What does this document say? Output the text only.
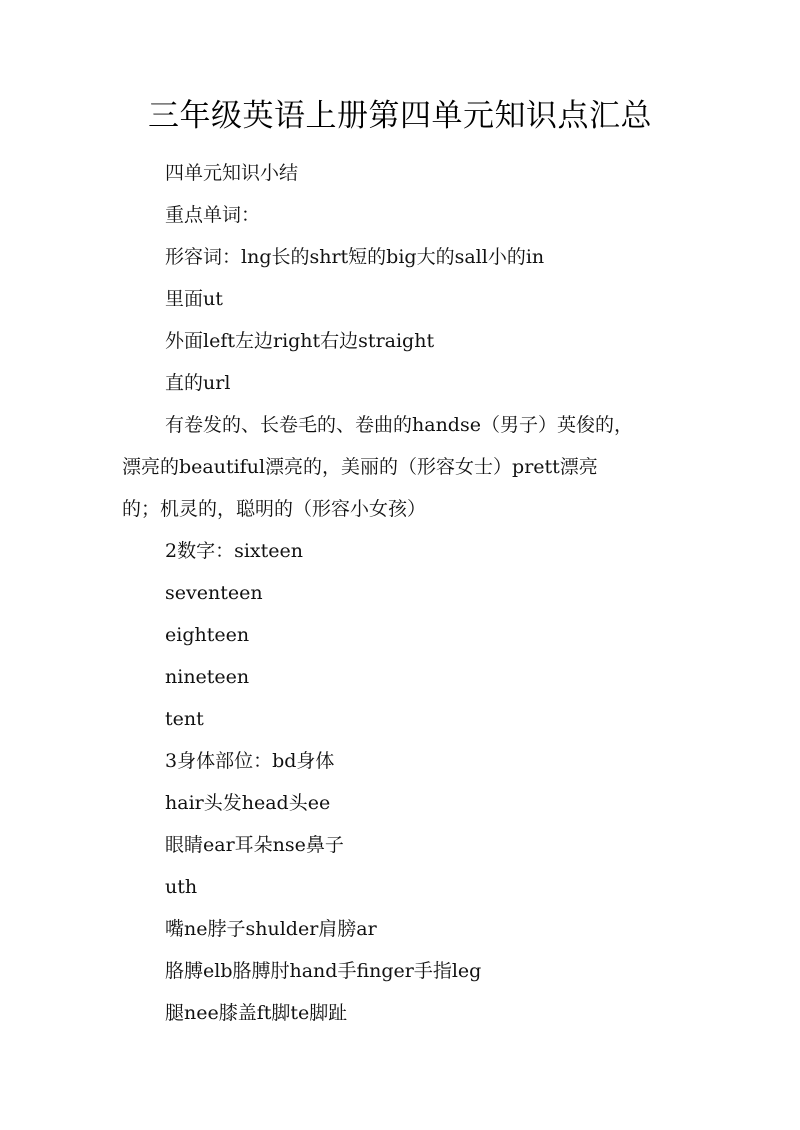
三年级英语上册第四单元知识点汇总

四单元知识小结

重点单词：

形容词：lng长的shrt短的big大的sall小的in

里面ut

外面left左边right右边straight

直的url

有卷发的、长卷毛的、卷曲的handse（男子）英俊的，

漂亮的beautiful漂亮的，美丽的（形容女士）prett漂亮

的；机灵的，聪明的（形容小女孩）

2数字：sixteen

seventeen

eighteen

nineteen

tent

3身体部位：bd身体

hair头发head头ee

眼睛ear耳朵nse鼻子

uth

嘴ne脖子shulder肩膀ar

胳膊elb胳膊肘hand手finger手指leg

腿nee膝盖ft脚te脚趾
